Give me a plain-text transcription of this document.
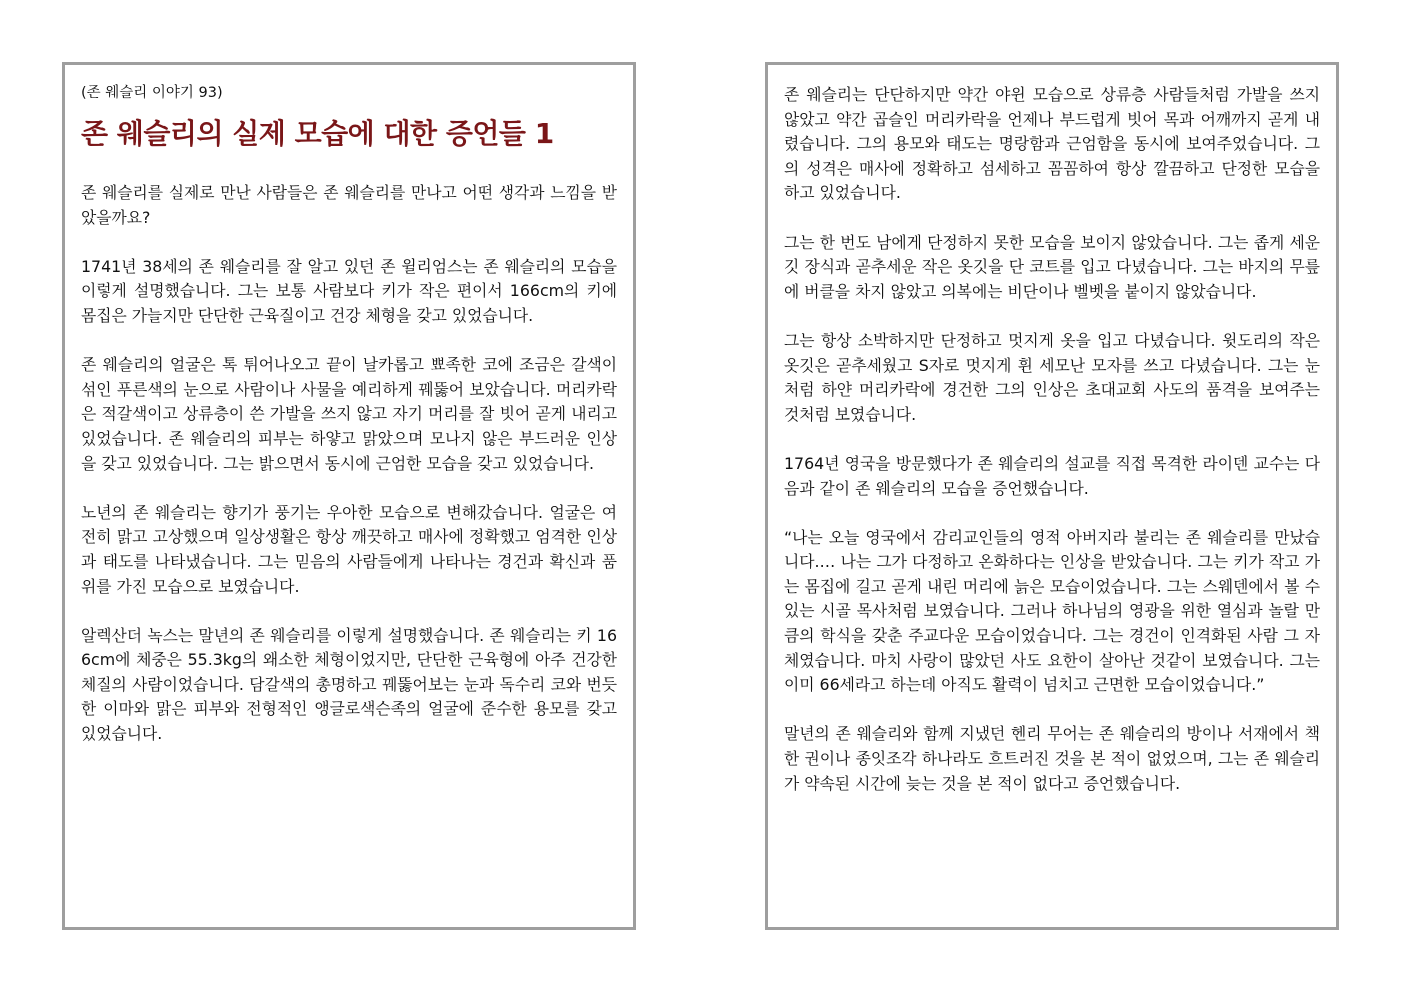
(존 웨슬리 이야기 93)

존 웨슬리의 실제 모습에 대한 증언들 1

존 웨슬리를 실제로 만난 사람들은 존 웨슬리를 만나고 어떤 생각과 느낌을 받았을까요?

1741년 38세의 존 웨슬리를 잘 알고 있던 존 윌리엄스는 존 웨슬리의 모습을 이렇게 설명했습니다. 그는 보통 사람보다 키가 작은 편이서 166cm의 키에 몸집은 가늘지만 단단한 근육질이고 건강 체형을 갖고 있었습니다.

존 웨슬리의 얼굴은 톡 튀어나오고 끝이 날카롭고 뾰족한 코에 조금은 갈색이 섞인 푸른색의 눈으로 사람이나 사물을 예리하게 꿰뚫어 보았습니다. 머리카락은 적갈색이고 상류층이 쓴 가발을 쓰지 않고 자기 머리를 잘 빗어 곧게 내리고 있었습니다. 존 웨슬리의 피부는 하얗고 맑았으며 모나지 않은 부드러운 인상을 갖고 있었습니다. 그는 밝으면서 동시에 근엄한 모습을 갖고 있었습니다.

노년의 존 웨슬리는 향기가 풍기는 우아한 모습으로 변해갔습니다. 얼굴은 여전히 맑고 고상했으며 일상생활은 항상 깨끗하고 매사에 정확했고 엄격한 인상과 태도를 나타냈습니다. 그는 믿음의 사람들에게 나타나는 경건과 확신과 품위를 가진 모습으로 보였습니다.

알렉산더 녹스는 말년의 존 웨슬리를 이렇게 설명했습니다. 존 웨슬리는 키 166cm에 체중은 55.3kg의 왜소한 체형이었지만, 단단한 근육형에 아주 건강한 체질의 사람이었습니다. 담갈색의 총명하고 꿰뚫어보는 눈과 독수리 코와 번듯한 이마와 맑은 피부와 전형적인 앵글로색슨족의 얼굴에 준수한 용모를 갖고 있었습니다.

존 웨슬리는 단단하지만 약간 야윈 모습으로 상류층 사람들처럼 가발을 쓰지 않았고 약간 곱슬인 머리카락을 언제나 부드럽게 빗어 목과 어깨까지 곧게 내렸습니다. 그의 용모와 태도는 명랑함과 근엄함을 동시에 보여주었습니다. 그의 성격은 매사에 정확하고 섬세하고 꼼꼼하여 항상 깔끔하고 단정한 모습을 하고 있었습니다.

그는 한 번도 남에게 단정하지 못한 모습을 보이지 않았습니다. 그는 좁게 세운 깃 장식과 곧추세운 작은 옷깃을 단 코트를 입고 다녔습니다. 그는 바지의 무릎에 버클을 차지 않았고 의복에는 비단이나 벨벳을 붙이지 않았습니다.

그는 항상 소박하지만 단정하고 멋지게 옷을 입고 다녔습니다. 윗도리의 작은 옷깃은 곧추세웠고 S자로 멋지게 휜 세모난 모자를 쓰고 다녔습니다. 그는 눈처럼 하얀 머리카락에 경건한 그의 인상은 초대교회 사도의 품격을 보여주는 것처럼 보였습니다.

1764년 영국을 방문했다가 존 웨슬리의 설교를 직접 목격한 라이덴 교수는 다음과 같이 존 웨슬리의 모습을 증언했습니다.

“나는 오늘 영국에서 감리교인들의 영적 아버지라 불리는 존 웨슬리를 만났습니다.… 나는 그가 다정하고 온화하다는 인상을 받았습니다. 그는 키가 작고 가는 몸집에 길고 곧게 내린 머리에 늙은 모습이었습니다. 그는 스웨덴에서 볼 수 있는 시골 목사처럼 보였습니다. 그러나 하나님의 영광을 위한 열심과 놀랄 만큼의 학식을 갖춘 주교다운 모습이었습니다. 그는 경건이 인격화된 사람 그 자체였습니다. 마치 사랑이 많았던 사도 요한이 살아난 것같이 보였습니다. 그는 이미 66세라고 하는데 아직도 활력이 넘치고 근면한 모습이었습니다.”

말년의 존 웨슬리와 함께 지냈던 헨리 무어는 존 웨슬리의 방이나 서재에서 책 한 권이나 종잇조각 하나라도 흐트러진 것을 본 적이 없었으며, 그는 존 웨슬리가 약속된 시간에 늦는 것을 본 적이 없다고 증언했습니다.
